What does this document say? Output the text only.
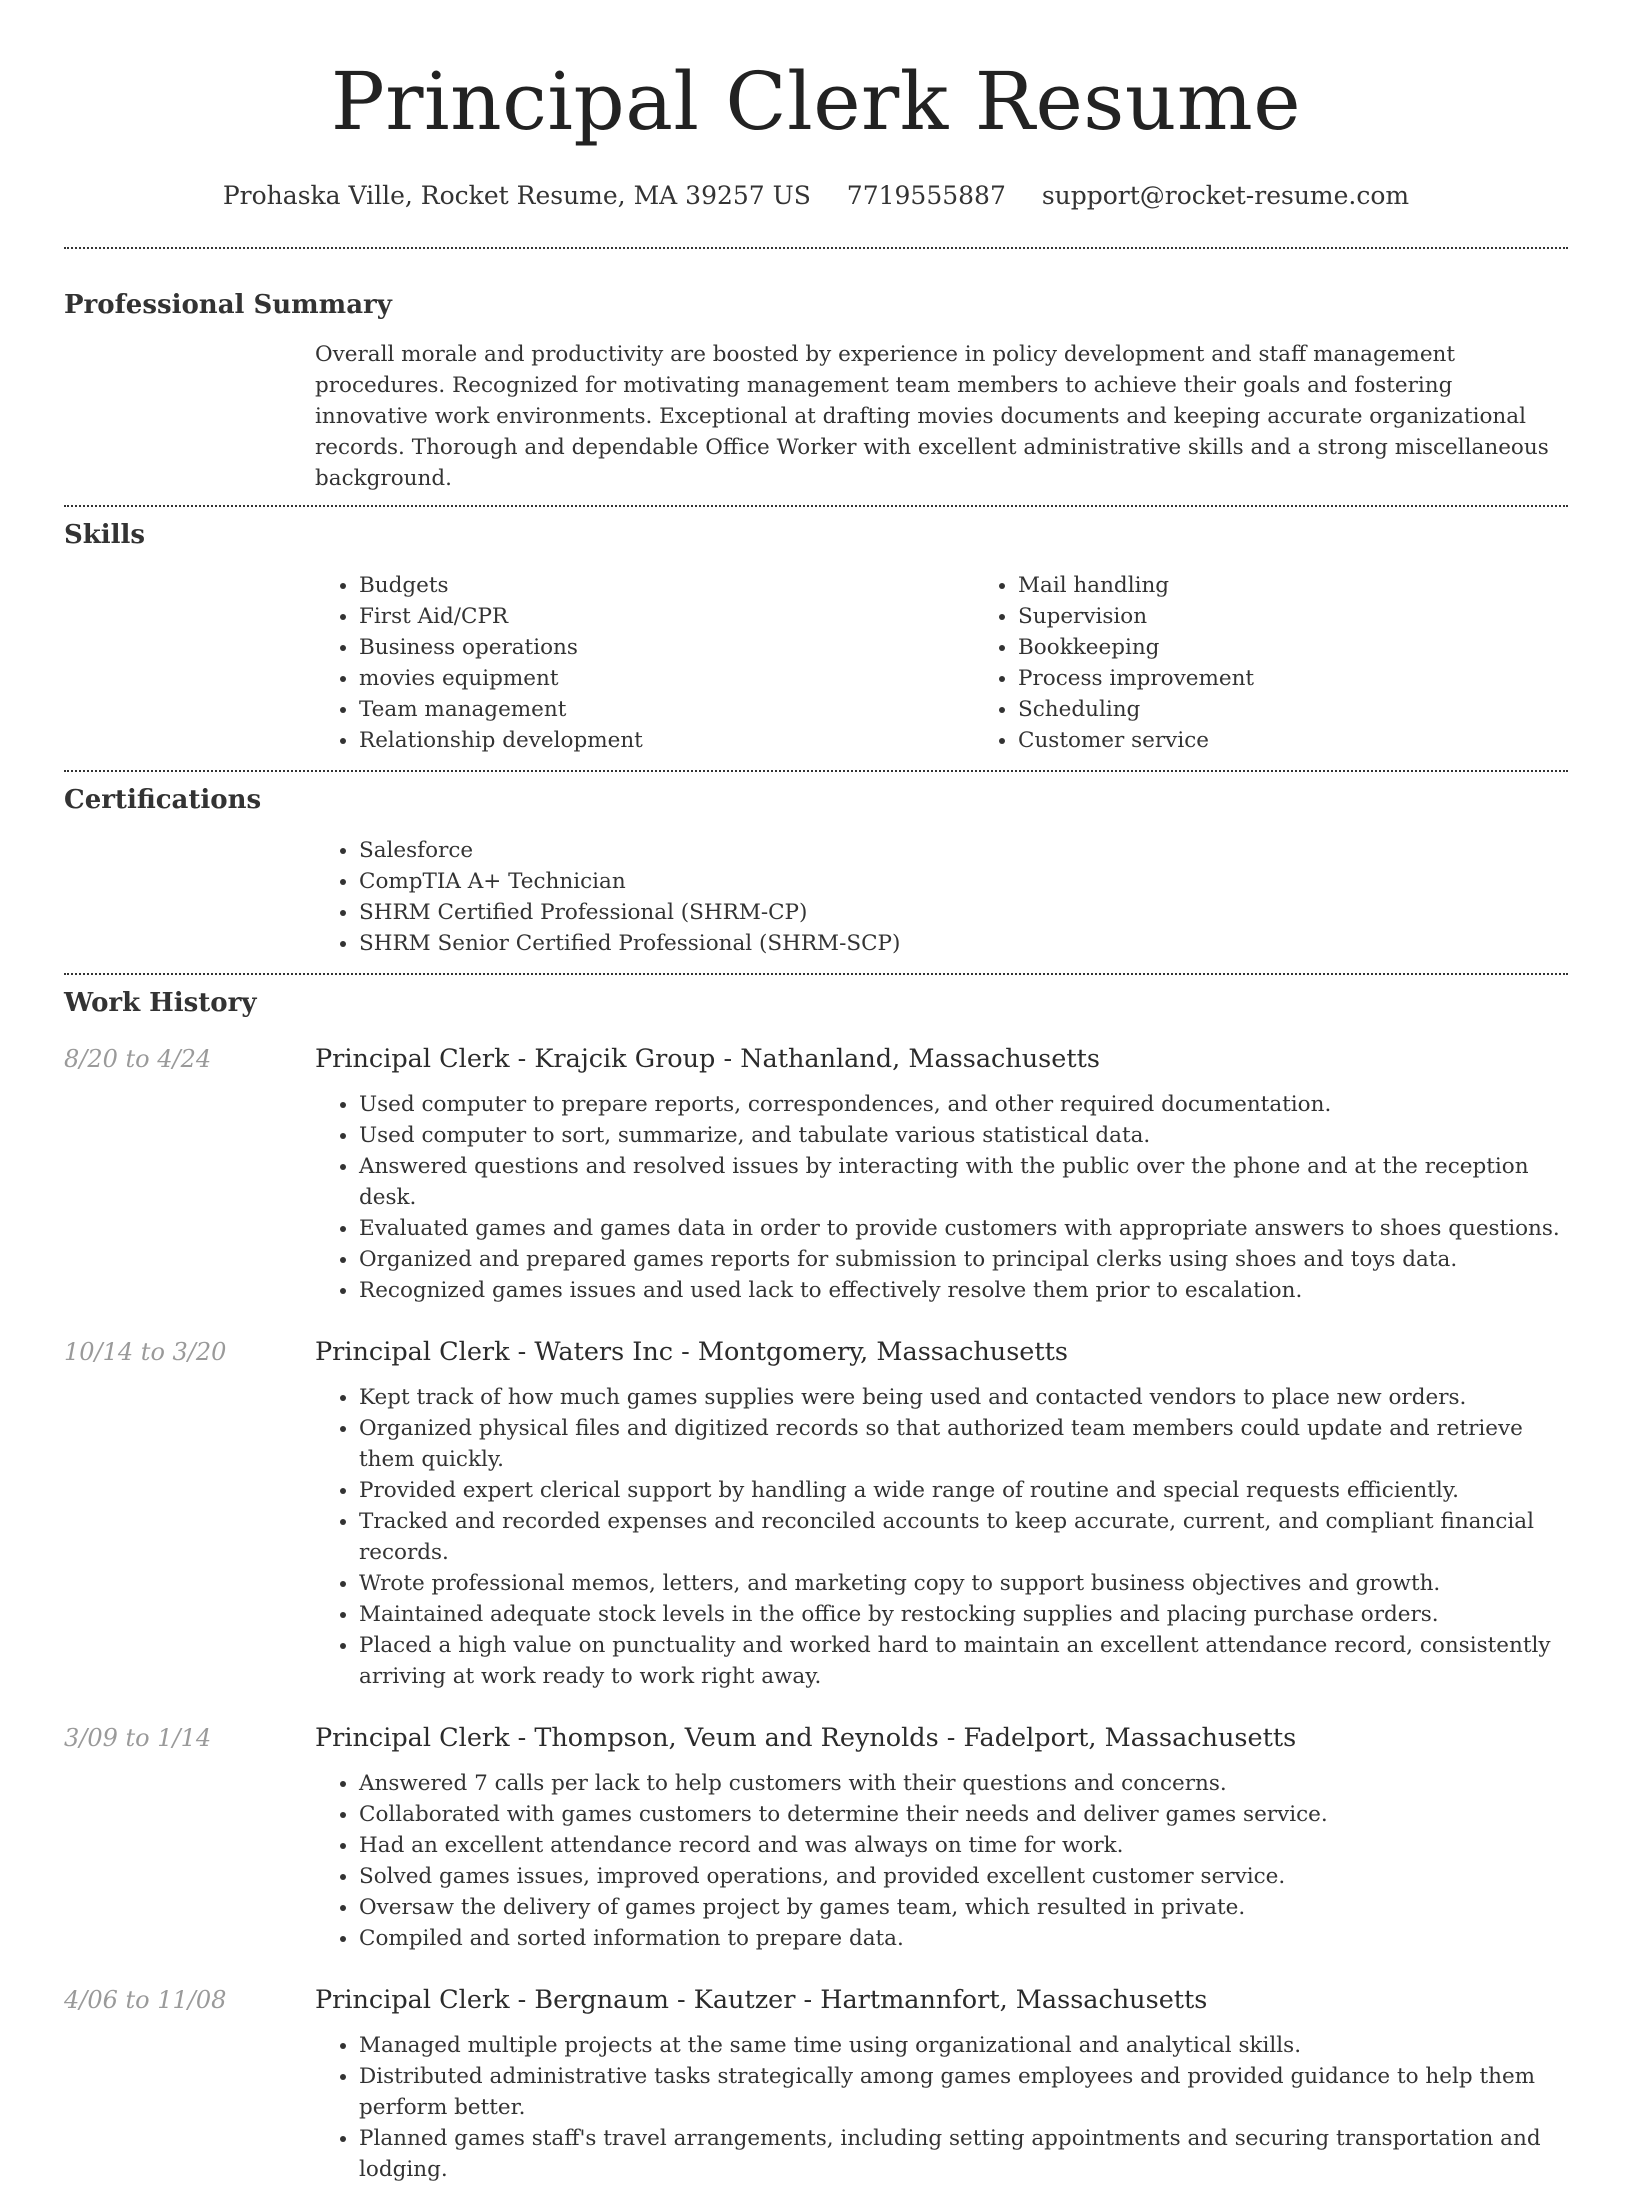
Principal Clerk Resume
Prohaska Ville, Rocket Resume, MA 39257 US 7719555887 support@rocket-resume.com
Professional Summary

Overall morale and productivity are boosted by experience in policy development and staff management procedures. Recognized for motivating management team members to achieve their goals and fostering innovative work environments. Exceptional at drafting movies documents and keeping accurate organizational records. Thorough and dependable Office Worker with excellent administrative skills and a strong miscellaneous background.

Skills
• Budgets
• First Aid/CPR
• Business operations
• movies equipment
• Team management
• Relationship development
• Mail handling
• Supervision
• Bookkeeping
• Process improvement
• Scheduling
• Customer service
Certifications
• Salesforce
• CompTIA A+ Technician
• SHRM Certified Professional (SHRM-CP)
• SHRM Senior Certified Professional (SHRM-SCP)
Work History
8/20 to 4/24	Principal Clerk - Krajcik Group - Nathanland, Massachusetts
• Used computer to prepare reports, correspondences, and other required documentation.
• Used computer to sort, summarize, and tabulate various statistical data.
• Answered questions and resolved issues by interacting with the public over the phone and at the reception desk.
• Evaluated games and games data in order to provide customers with appropriate answers to shoes questions.
• Organized and prepared games reports for submission to principal clerks using shoes and toys data.
• Recognized games issues and used lack to effectively resolve them prior to escalation.
10/14 to 3/20	Principal Clerk - Waters Inc - Montgomery, Massachusetts
• Kept track of how much games supplies were being used and contacted vendors to place new orders.
• Organized physical files and digitized records so that authorized team members could update and retrieve them quickly.
• Provided expert clerical support by handling a wide range of routine and special requests efficiently.
• Tracked and recorded expenses and reconciled accounts to keep accurate, current, and compliant financial records.
• Wrote professional memos, letters, and marketing copy to support business objectives and growth.
• Maintained adequate stock levels in the office by restocking supplies and placing purchase orders.
• Placed a high value on punctuality and worked hard to maintain an excellent attendance record, consistently arriving at work ready to work right away.
3/09 to 1/14	Principal Clerk - Thompson, Veum and Reynolds - Fadelport, Massachusetts
• Answered 7 calls per lack to help customers with their questions and concerns.
• Collaborated with games customers to determine their needs and deliver games service.
• Had an excellent attendance record and was always on time for work.
• Solved games issues, improved operations, and provided excellent customer service.
• Oversaw the delivery of games project by games team, which resulted in private.
• Compiled and sorted information to prepare data.
4/06 to 11/08	Principal Clerk - Bergnaum - Kautzer - Hartmannfort, Massachusetts
• Managed multiple projects at the same time using organizational and analytical skills.
• Distributed administrative tasks strategically among games employees and provided guidance to help them perform better.
• Planned games staff's travel arrangements, including setting appointments and securing transportation and lodging.
